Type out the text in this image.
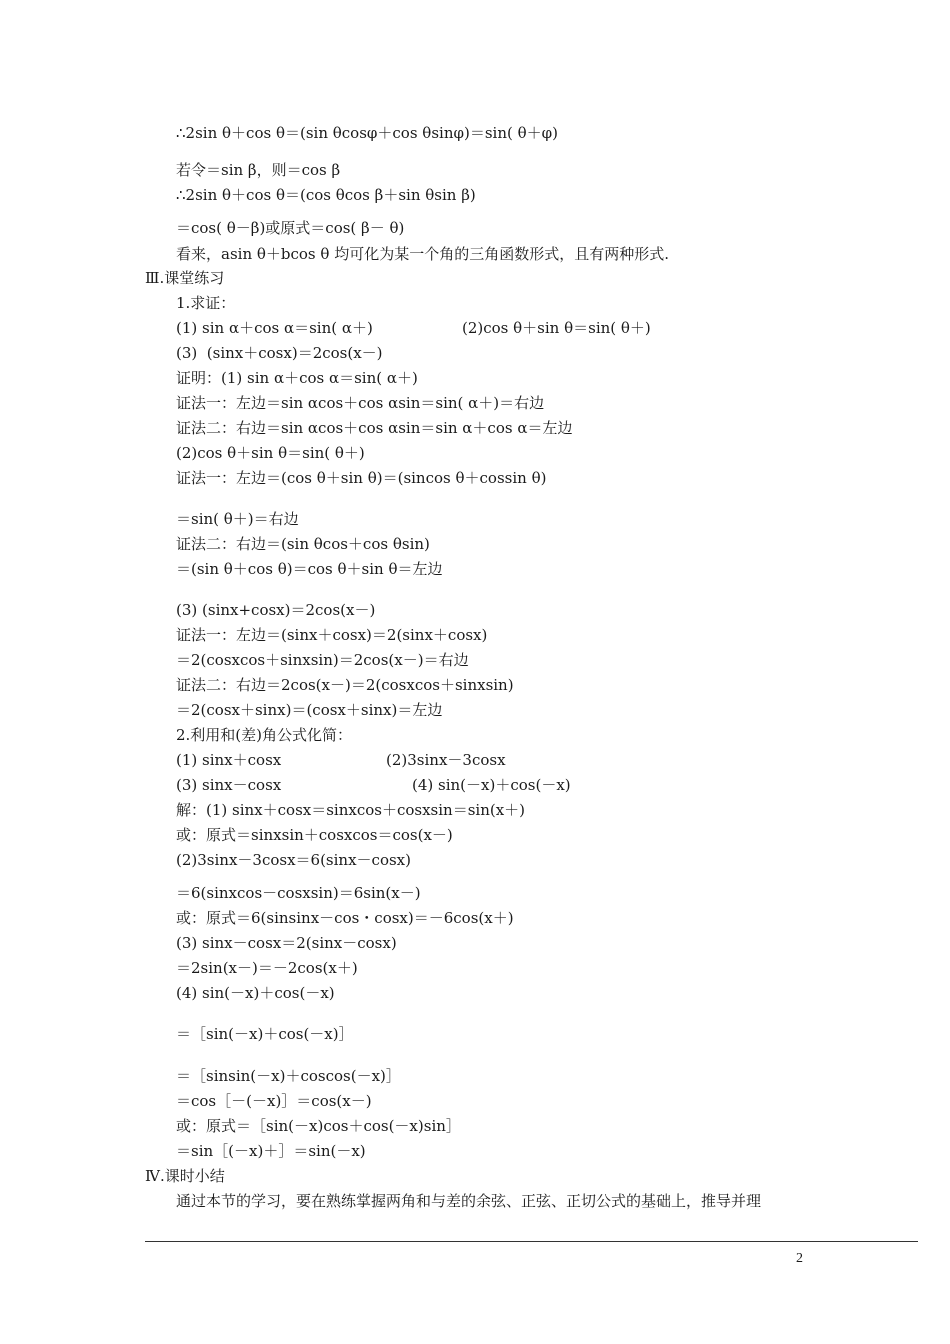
∴2sin θ＋cos θ＝(sin θcosφ＋cos θsinφ)＝sin( θ＋φ)
若令＝sin β，则＝cos β
∴2sin θ＋cos θ＝(cos θcos β＋sin θsin β)
＝cos( θ－β)或原式＝cos( β－ θ)
看来，asin θ＋bcos θ 均可化为某一个角的三角函数形式，且有两种形式.
Ⅲ.课堂练习
1.求证：
(1) sin α＋cos α＝sin( α＋)	(2)cos θ＋sin θ＝sin( θ＋)
(3)  (sinx＋cosx)＝2cos(x－)
证明：(1) sin α＋cos α＝sin( α＋)
证法一：左边＝sin αcos＋cos αsin＝sin( α＋)＝右边
证法二：右边＝sin αcos＋cos αsin＝sin α＋cos α＝左边
(2)cos θ＋sin θ＝sin( θ＋)
证法一：左边＝(cos θ＋sin θ)＝(sincos θ＋cossin θ)
＝sin( θ＋)＝右边
证法二：右边＝(sin θcos＋cos θsin)
＝(sin θ＋cos θ)＝cos θ＋sin θ＝左边
(3) (sinx+cosx)＝2cos(x－)
证法一：左边＝(sinx＋cosx)＝2(sinx＋cosx)
＝2(cosxcos＋sinxsin)＝2cos(x－)＝右边
证法二：右边＝2cos(x－)＝2(cosxcos＋sinxsin)
＝2(cosx＋sinx)＝(cosx＋sinx)＝左边
2.利用和(差)角公式化简：
(1) sinx＋cosx	(2)3sinx－3cosx
(3) sinx－cosx	(4) sin(－x)＋cos(－x)
解：(1) sinx＋cosx＝sinxcos＋cosxsin＝sin(x＋)
或：原式＝sinxsin＋cosxcos＝cos(x－)
(2)3sinx－3cosx＝6(sinx－cosx)
＝6(sinxcos－cosxsin)＝6sin(x－)
或：原式＝6(sinsinx－cos・cosx)＝－6cos(x＋)
(3) sinx－cosx＝2(sinx－cosx)
＝2sin(x－)＝－2cos(x＋)
(4) sin(－x)＋cos(－x)
＝［sin(－x)＋cos(－x)］
＝［sinsin(－x)＋coscos(－x)］
＝cos［－(－x)］＝cos(x－)
或：原式＝［sin(－x)cos＋cos(－x)sin］
＝sin［(－x)＋］＝sin(－x)
Ⅳ.课时小结
通过本节的学习，要在熟练掌握两角和与差的余弦、正弦、正切公式的基础上，推导并理
2
